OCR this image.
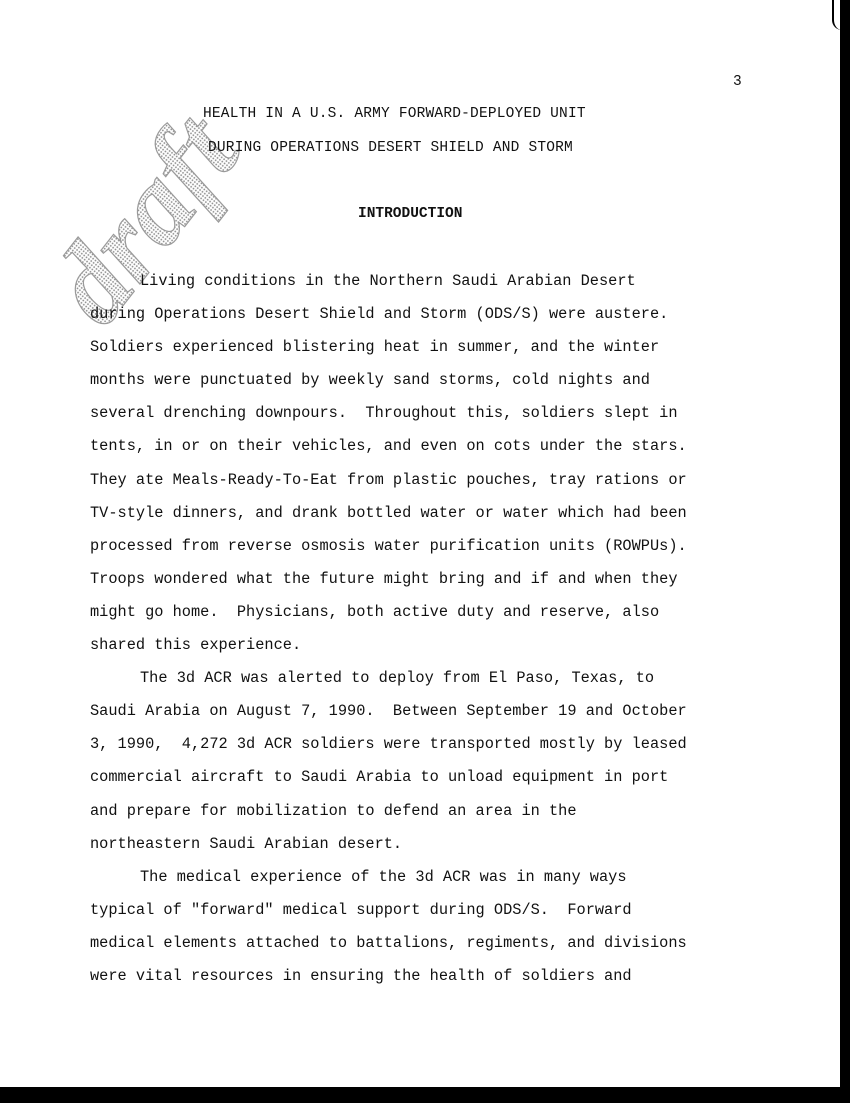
draft
3
HEALTH IN A U.S. ARMY FORWARD-DEPLOYED UNIT
DURING OPERATIONS DESERT SHIELD AND STORM
INTRODUCTION
Living conditions in the Northern Saudi Arabian Desert
during Operations Desert Shield and Storm (ODS/S) were austere.
Soldiers experienced blistering heat in summer, and the winter
months were punctuated by weekly sand storms, cold nights and
several drenching downpours.  Throughout this, soldiers slept in
tents, in or on their vehicles, and even on cots under the stars.
They ate Meals-Ready-To-Eat from plastic pouches, tray rations or
TV-style dinners, and drank bottled water or water which had been
processed from reverse osmosis water purification units (ROWPUs).
Troops wondered what the future might bring and if and when they
might go home.  Physicians, both active duty and reserve, also
shared this experience.
The 3d ACR was alerted to deploy from El Paso, Texas, to
Saudi Arabia on August 7, 1990.  Between September 19 and October
3, 1990,  4,272 3d ACR soldiers were transported mostly by leased
commercial aircraft to Saudi Arabia to unload equipment in port
and prepare for mobilization to defend an area in the
northeastern Saudi Arabian desert.
The medical experience of the 3d ACR was in many ways
typical of "forward" medical support during ODS/S.  Forward
medical elements attached to battalions, regiments, and divisions
were vital resources in ensuring the health of soldiers and
